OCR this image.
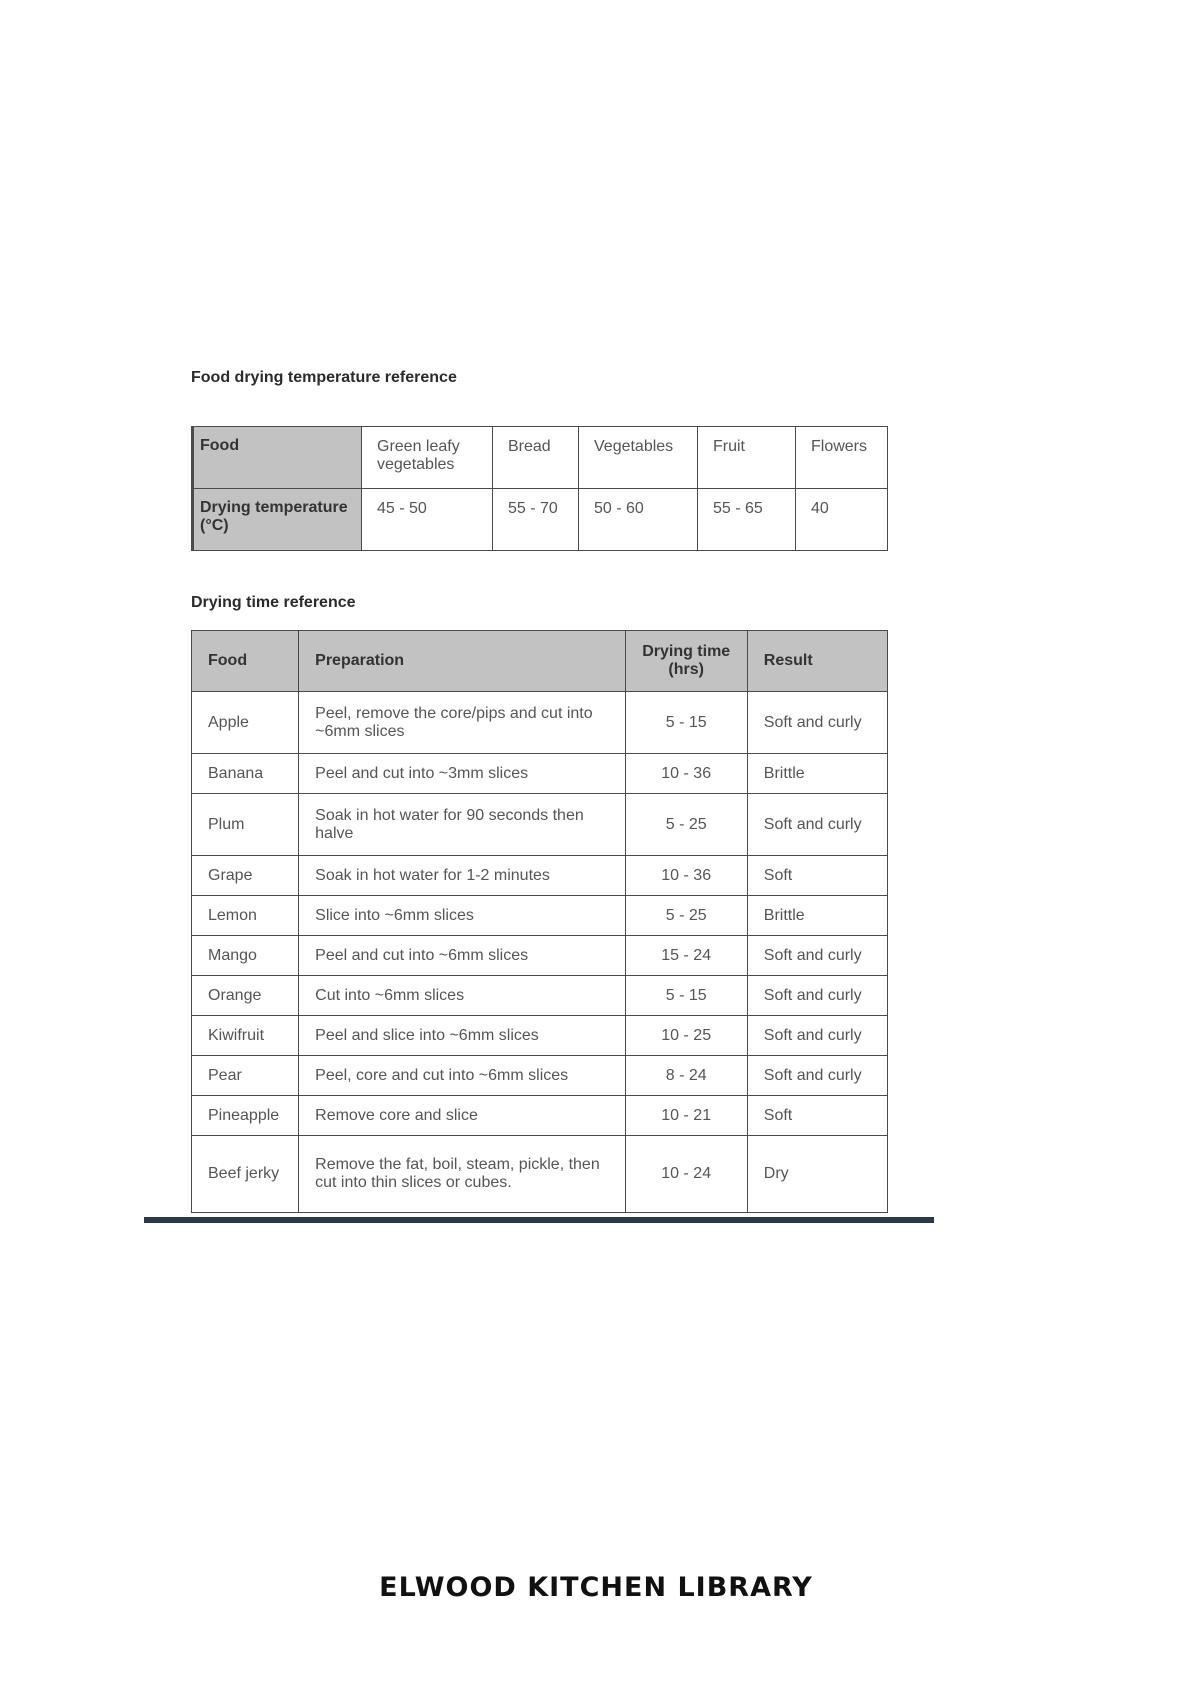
Food drying temperature reference
Food	Green leafy vegetables	Bread	Vegetables	Fruit	Flowers
Drying temperature (°C)	45 - 50	55 - 70	50 - 60	55 - 65	40
Drying time reference
Food	Preparation	Drying time (hrs)	Result
Apple	Peel, remove the core/pips and cut into ~6mm slices	5 - 15	Soft and curly
Banana	Peel and cut into ~3mm slices	10 - 36	Brittle
Plum	Soak in hot water for 90 seconds then halve	5 - 25	Soft and curly
Grape	Soak in hot water for 1-2 minutes	10 - 36	Soft
Lemon	Slice into ~6mm slices	5 - 25	Brittle
Mango	Peel and cut into ~6mm slices	15 - 24	Soft and curly
Orange	Cut into ~6mm slices	5 - 15	Soft and curly
Kiwifruit	Peel and slice into ~6mm slices	10 - 25	Soft and curly
Pear	Peel, core and cut into ~6mm slices	8 - 24	Soft and curly
Pineapple	Remove core and slice	10 - 21	Soft
Beef jerky	Remove the fat, boil, steam, pickle, then cut into thin slices or cubes.	10 - 24	Dry
ELWOOD KITCHEN LIBRARY
